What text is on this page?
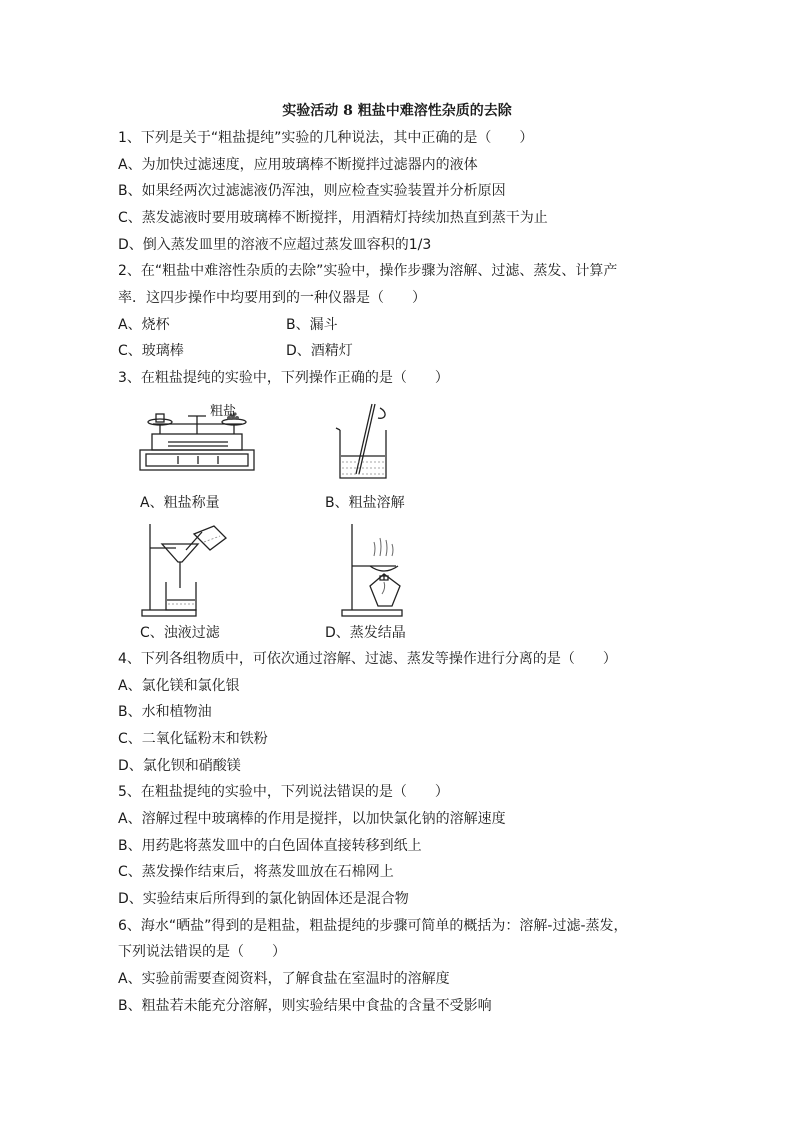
实验活动 8 粗盐中难溶性杂质的去除
1、下列是关于“粗盐提纯”实验的几种说法，其中正确的是（　　）
A、为加快过滤速度，应用玻璃棒不断搅拌过滤器内的液体
B、如果经两次过滤滤液仍浑浊，则应检查实验装置并分析原因
C、蒸发滤液时要用玻璃棒不断搅拌，用酒精灯持续加热直到蒸干为止
D、倒入蒸发皿里的溶液不应超过蒸发皿容积的1/3
2、在“粗盐中难溶性杂质的去除”实验中，操作步骤为溶解、过滤、蒸发、计算产
率．这四步操作中均要用到的一种仪器是（　　）
A、烧杯	B、漏斗
C、玻璃棒	D、酒精灯
3、在粗盐提纯的实验中，下列操作正确的是（　　）
粗盐
A、粗盐称量	B、粗盐溶解
C、浊液过滤	D、蒸发结晶
4、下列各组物质中，可依次通过溶解、过滤、蒸发等操作进行分离的是（　　）
A、氯化镁和氯化银
B、水和植物油
C、二氧化锰粉末和铁粉
D、氯化钡和硝酸镁
5、在粗盐提纯的实验中，下列说法错误的是（　　）
A、溶解过程中玻璃棒的作用是搅拌，以加快氯化钠的溶解速度
B、用药匙将蒸发皿中的白色固体直接转移到纸上
C、蒸发操作结束后，将蒸发皿放在石棉网上
D、实验结束后所得到的氯化钠固体还是混合物
6、海水“晒盐”得到的是粗盐，粗盐提纯的步骤可简单的概括为：溶解-过滤-蒸发，
下列说法错误的是（　　）
A、实验前需要查阅资料，了解食盐在室温时的溶解度
B、粗盐若未能充分溶解，则实验结果中食盐的含量不受影响
